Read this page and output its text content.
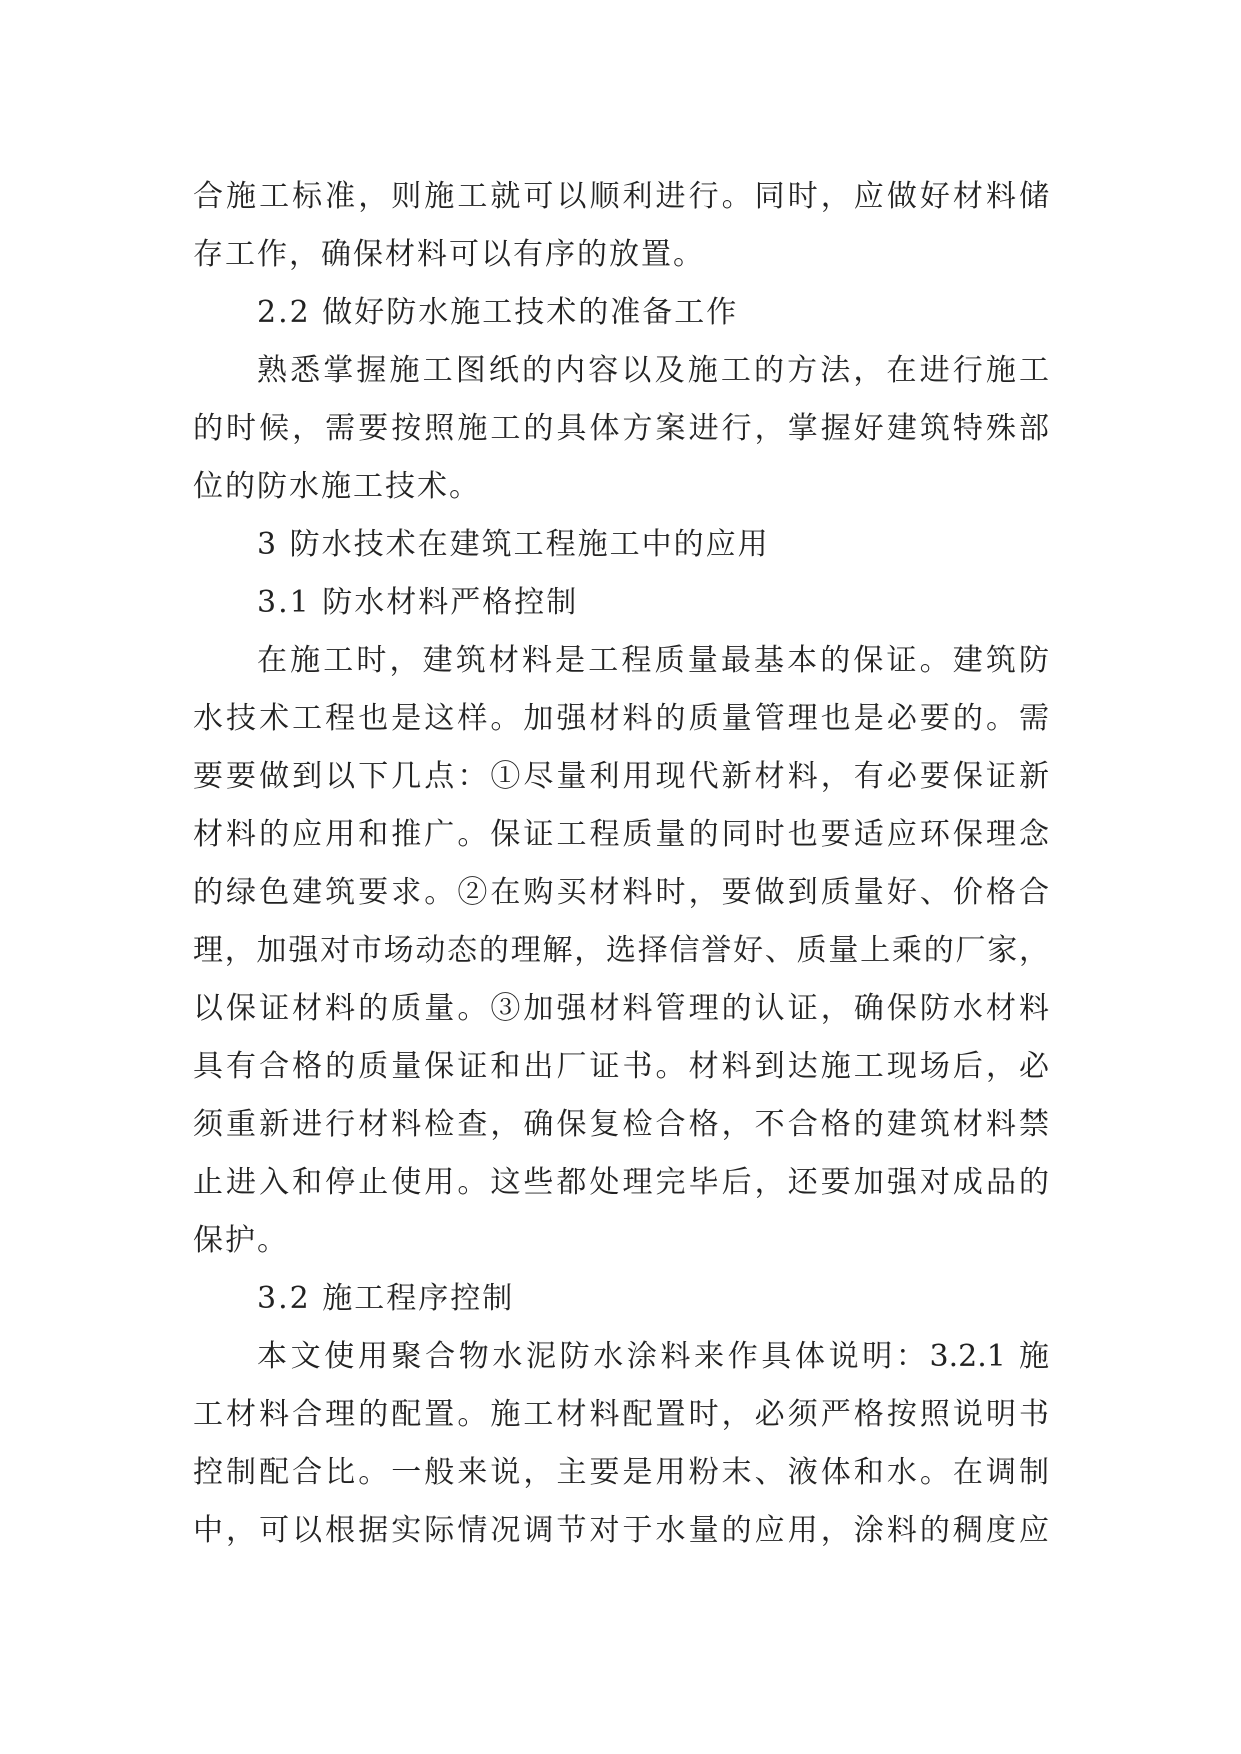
合施工标准，则施工就可以顺利进行。同时，应做好材料储
存工作，确保材料可以有序的放置。
2.2 做好防水施工技术的准备工作
熟悉掌握施工图纸的内容以及施工的方法，在进行施工
的时候，需要按照施工的具体方案进行，掌握好建筑特殊部
位的防水施工技术。
3 防水技术在建筑工程施工中的应用
3.1 防水材料严格控制
在施工时，建筑材料是工程质量最基本的保证。建筑防
水技术工程也是这样。加强材料的质量管理也是必要的。需
要要做到以下几点：①尽量利用现代新材料，有必要保证新
材料的应用和推广。保证工程质量的同时也要适应环保理念
的绿色建筑要求。②在购买材料时，要做到质量好、价格合
理，加强对市场动态的理解，选择信誉好、质量上乘的厂家，
以保证材料的质量。③加强材料管理的认证，确保防水材料
具有合格的质量保证和出厂证书。材料到达施工现场后，必
须重新进行材料检查，确保复检合格，不合格的建筑材料禁
止进入和停止使用。这些都处理完毕后，还要加强对成品的
保护。
3.2 施工程序控制
本文使用聚合物水泥防水涂料来作具体说明：3.2.1 施
工材料合理的配置。施工材料配置时，必须严格按照说明书
控制配合比。一般来说，主要是用粉末、液体和水。在调制
中，可以根据实际情况调节对于水量的应用，涂料的稠度应
